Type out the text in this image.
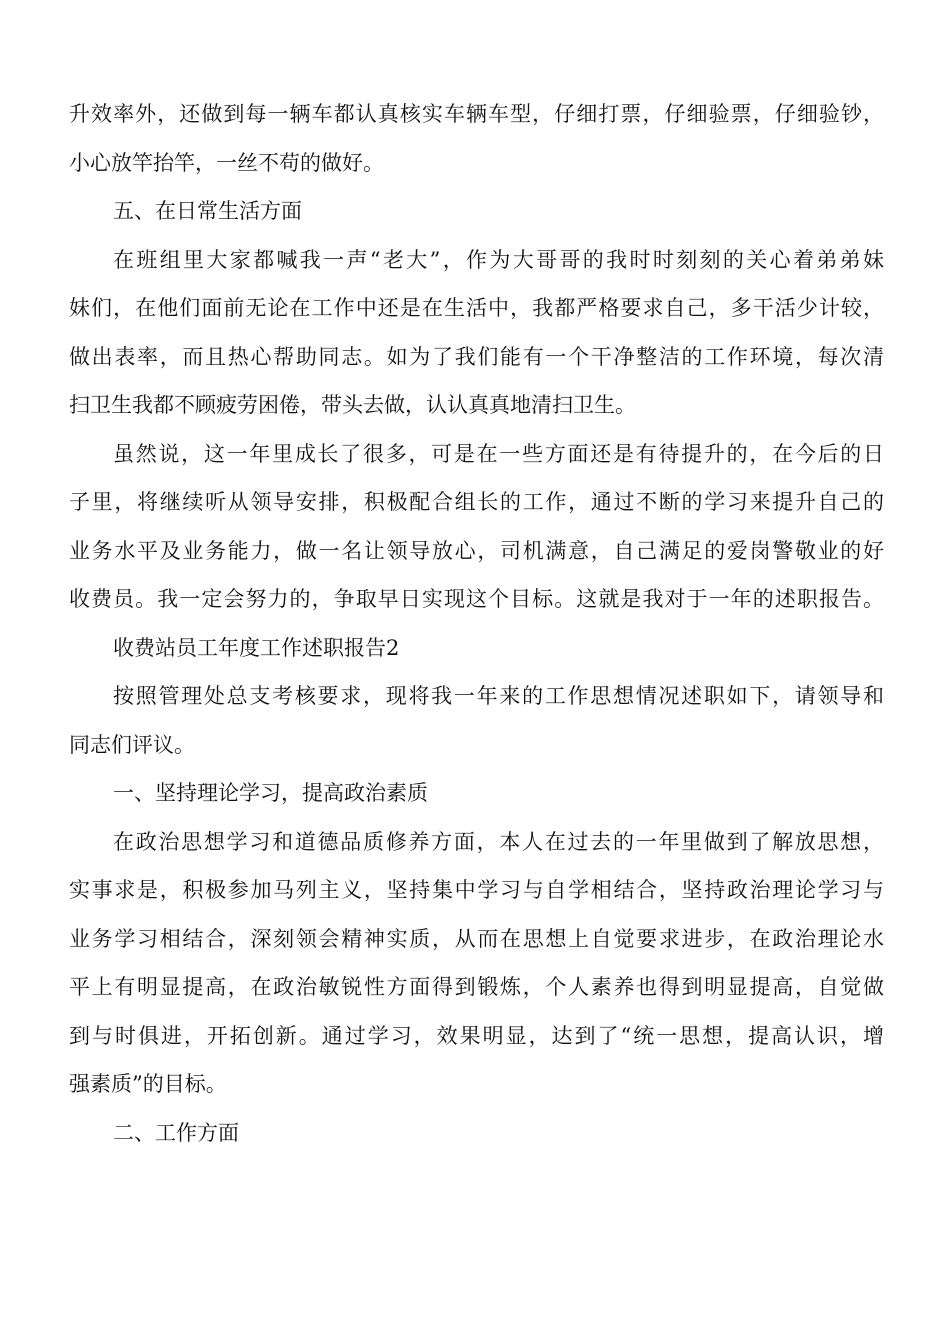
升效率外，还做到每一辆车都认真核实车辆车型，仔细打票，仔细验票，仔细验钞，
小心放竿抬竿，一丝不苟的做好。
五、在日常生活方面
在班组里大家都喊我一声“老大”，作为大哥哥的我时时刻刻的关心着弟弟妹
妹们，在他们面前无论在工作中还是在生活中，我都严格要求自己，多干活少计较，
做出表率，而且热心帮助同志。如为了我们能有一个干净整洁的工作环境，每次清
扫卫生我都不顾疲劳困倦，带头去做，认认真真地清扫卫生。
虽然说，这一年里成长了很多，可是在一些方面还是有待提升的，在今后的日
子里，将继续听从领导安排，积极配合组长的工作，通过不断的学习来提升自己的
业务水平及业务能力，做一名让领导放心，司机满意，自己满足的爱岗警敬业的好
收费员。我一定会努力的，争取早日实现这个目标。这就是我对于一年的述职报告。
收费站员工年度工作述职报告2
按照管理处总支考核要求，现将我一年来的工作思想情况述职如下，请领导和
同志们评议。
一、坚持理论学习，提高政治素质
在政治思想学习和道德品质修养方面，本人在过去的一年里做到了解放思想，
实事求是，积极参加马列主义，坚持集中学习与自学相结合，坚持政治理论学习与
业务学习相结合，深刻领会精神实质，从而在思想上自觉要求进步，在政治理论水
平上有明显提高，在政治敏锐性方面得到锻炼，个人素养也得到明显提高，自觉做
到与时俱进，开拓创新。通过学习，效果明显，达到了“统一思想，提高认识，增
强素质”的目标。
二、工作方面
